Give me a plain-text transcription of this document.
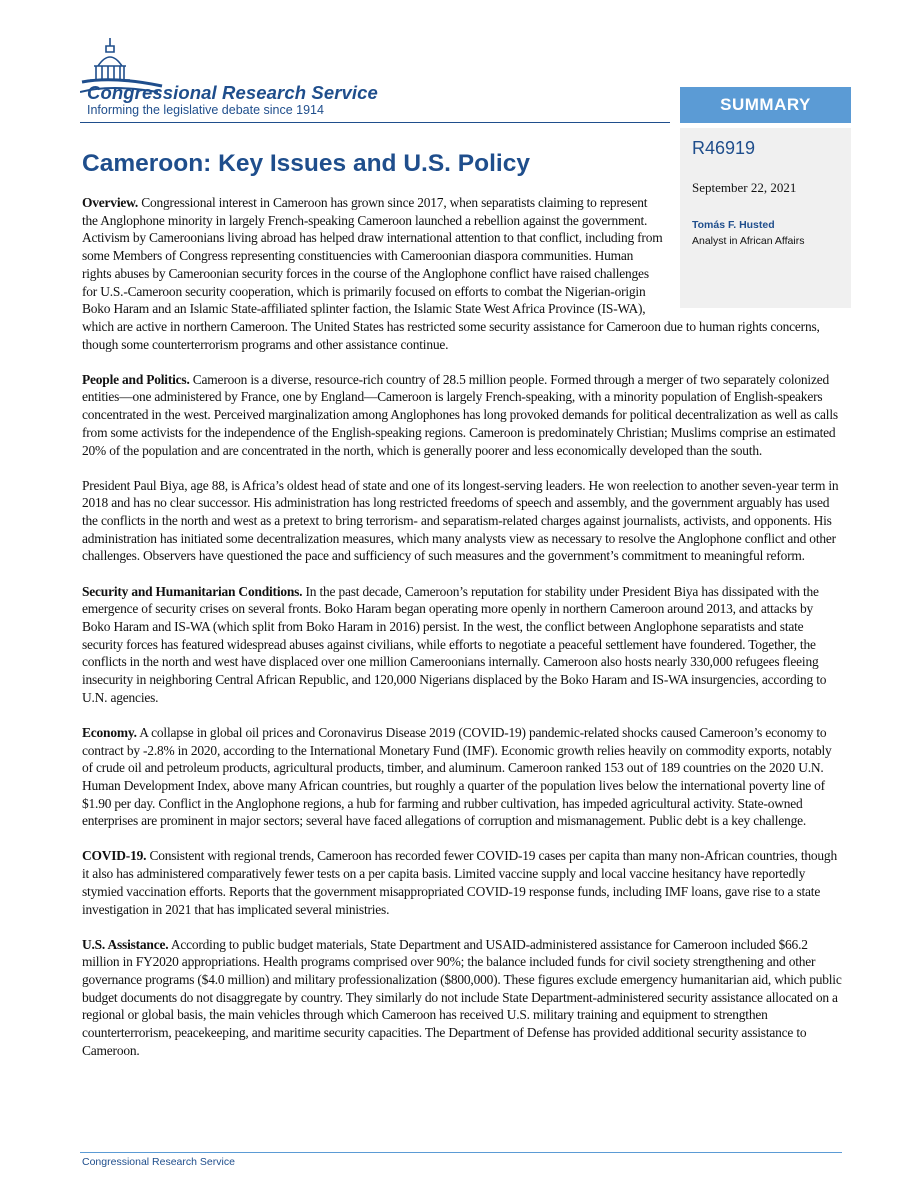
Congressional Research Service
Informing the legislative debate since 1914	SUMMARY
R46919
September 22, 2021
Tomás F. Husted
Analyst in African Affairs
Cameroon: Key Issues and U.S. Policy

Overview. Congressional interest in Cameroon has grown since 2017, when separatists claiming to represent the Anglophone minority in largely French-speaking Cameroon launched a rebellion against the government. Activism by Cameroonians living abroad has helped draw international attention to that conflict, including from some Members of Congress representing constituencies with Cameroonian diaspora communities. Human rights abuses by Cameroonian security forces in the course of the Anglophone conflict have raised challenges for U.S.-Cameroon security cooperation, which is primarily focused on efforts to combat the Nigerian-origin Boko Haram and an Islamic State-affiliated splinter faction, the Islamic State West Africa Province (IS-WA), which are active in northern Cameroon. The United States has restricted some security assistance for Cameroon due to human rights concerns, though some counterterrorism programs and other assistance continue.

People and Politics. Cameroon is a diverse, resource-rich country of 28.5 million people. Formed through a merger of two separately colonized entities—one administered by France, one by England—Cameroon is largely French-speaking, with a minority population of English-speakers concentrated in the west. Perceived marginalization among Anglophones has long provoked demands for political decentralization as well as calls from some activists for the independence of the English-speaking regions. Cameroon is predominately Christian; Muslims comprise an estimated 20% of the population and are concentrated in the north, which is generally poorer and less economically developed than the south.

President Paul Biya, age 88, is Africa’s oldest head of state and one of its longest-serving leaders. He won reelection to another seven-year term in 2018 and has no clear successor. His administration has long restricted freedoms of speech and assembly, and the government arguably has used the conflicts in the north and west as a pretext to bring terrorism- and separatism-related charges against journalists, activists, and opponents. His administration has initiated some decentralization measures, which many analysts view as necessary to resolve the Anglophone conflict and other challenges. Observers have questioned the pace and sufficiency of such measures and the government’s commitment to meaningful reform.

Security and Humanitarian Conditions. In the past decade, Cameroon’s reputation for stability under President Biya has dissipated with the emergence of security crises on several fronts. Boko Haram began operating more openly in northern Cameroon around 2013, and attacks by Boko Haram and IS-WA (which split from Boko Haram in 2016) persist. In the west, the conflict between Anglophone separatists and state security forces has featured widespread abuses against civilians, while efforts to negotiate a peaceful settlement have foundered. Together, the conflicts in the north and west have displaced over one million Cameroonians internally. Cameroon also hosts nearly 330,000 refugees fleeing insecurity in neighboring Central African Republic, and 120,000 Nigerians displaced by the Boko Haram and IS-WA insurgencies, according to U.N. agencies.

Economy. A collapse in global oil prices and Coronavirus Disease 2019 (COVID-19) pandemic-related shocks caused Cameroon’s economy to contract by -2.8% in 2020, according to the International Monetary Fund (IMF). Economic growth relies heavily on commodity exports, notably of crude oil and petroleum products, agricultural products, timber, and aluminum. Cameroon ranked 153 out of 189 countries on the 2020 U.N. Human Development Index, above many African countries, but roughly a quarter of the population lives below the international poverty line of $1.90 per day. Conflict in the Anglophone regions, a hub for farming and rubber cultivation, has impeded agricultural activity. State-owned enterprises are prominent in major sectors; several have faced allegations of corruption and mismanagement. Public debt is a key challenge.

COVID-19. Consistent with regional trends, Cameroon has recorded fewer COVID-19 cases per capita than many non-African countries, though it also has administered comparatively fewer tests on a per capita basis. Limited vaccine supply and local vaccine hesitancy have reportedly stymied vaccination efforts. Reports that the government misappropriated COVID-19 response funds, including IMF loans, gave rise to a state investigation in 2021 that has implicated several ministries.

U.S. Assistance. According to public budget materials, State Department and USAID-administered assistance for Cameroon included $66.2 million in FY2020 appropriations. Health programs comprised over 90%; the balance included funds for civil society strengthening and other governance programs ($4.0 million) and military professionalization ($800,000). These figures exclude emergency humanitarian aid, which public budget documents do not disaggregate by country. They similarly do not include State Department-administered security assistance allocated on a regional or global basis, the main vehicles through which Cameroon has received U.S. military training and equipment to strengthen counterterrorism, peacekeeping, and maritime security capacities. The Department of Defense has provided additional security assistance to Cameroon.

Congressional Research Service
